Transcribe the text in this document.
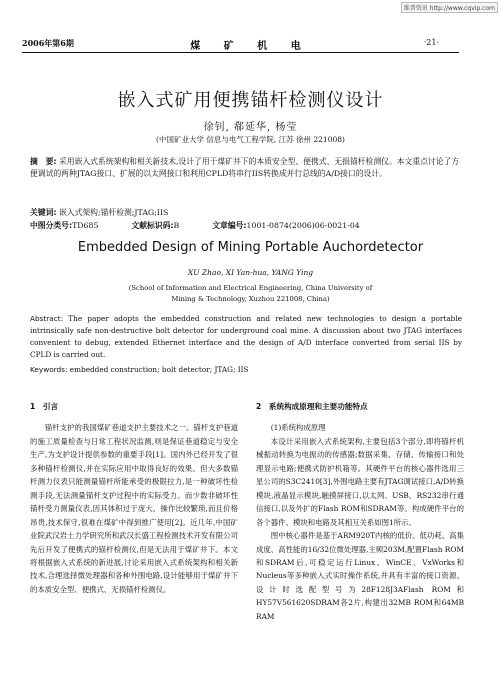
维普资讯 http://www.cqvip.com
2006年第6期	煤 矿 机 电	·21·
嵌入式矿用便携锚杆检测仪设计
徐钊, 郗延华, 杨莹
(中国矿业大学 信息与电气工程学院, 江苏 徐州 221008)
摘　要: 采用嵌入式系统架构和相关新技术,设计了用于煤矿井下的本质安全型、便携式、无损锚杆检测仪。本文重点讨论了方便调试的两种JTAG接口、扩展的以太网接口和利用CPLD将串行IIS转换成并行总线的A/D接口的设计。
关键词: 嵌入式架构;锚杆检测;JTAG;IIS
中图分类号:TD685	文献标识码:B	文章编号:1001-0874(2006)06-0021-04
Embedded Design of Mining Portable Auchordetector
XU Zhao, XI Yan-hua, YANG Ying
(School of Information and Electrical Engineering, China University of
Mining & Technology, Xuzhou 221008, China)
Abstract: The paper adopts the embedded construction and related new technologies to design a portable intrinsically safe non-destructive bolt detector for underground coal mine. A discussion about two JTAG interfaces convenient to debug, extended Ethernet interface and the design of A/D interface converted from serial IIS by CPLD is carried out.
Keywords: embedded construction; bolt detector; JTAG; IIS
1　引言

锚杆支护的我国煤矿巷道支护主要技术之一。锚杆支护巷道的施工质量检查与日常工程状况监测,则是保证巷道稳定与安全生产,为支护设计提供参数的重要手段[1]。国内外已经开发了很多种锚杆检测仪,并在实际应用中取得良好的效果。但大多数锚杆测力仪表只能测量锚杆所能承受的极限拉力,是一种破坏性检测手段,无法测量锚杆支护过程中的实际受力。而少数非破坏性锚杆受力测量仪表,因其体积过于庞大、操作比较繁琐,而且价格昂贵,技术保守,很难在煤矿中得到推广使用[2]。近几年,中国矿业院武汉岩土力学研究所和武汉长盛工程检测技术开发有限公司先后开发了便携式的锚杆检测仪,但是无法用于煤矿井下。本文将根据嵌入式系统的新进展,讨论采用嵌入式系统架构和相关新技术,合理选择微处理器和各种外围电路,设计能够用于煤矿井下的本质安全型、便携式、无损锚杆检测仪。

2　系统构成原理和主要功能特点

(1)系统构成原理

本设计采用嵌入式系统架构,主要包括3个部分,即将锚杆机械振动转换为电振动的传感器;数据采集、存储、传输接口和处理显示电路;便携式防护机箱等。其硬件平台的核心器件选用三星公司的S3C2410[3],外围电路主要有JTAG调试接口,A/D转换模块,液晶显示模块,触摸屏接口,以太网、USB、RS232串行通信接口,以及外扩的Flash ROM和SDRAM等。构成硬件平台的各个器件、模块和电路及其相互关系如图1所示。

图中核心器件是基于ARM920T内核的低价、低功耗、高集成度、高性能的16/32位微处理器,主频203M,配置Flash ROM和SDRAM后,可稳定运行Linux、WinCE、VxWorks和Nucleus等多种嵌入式实时操作系统,并具有丰富的接口资源。设计时选配型号为28F128J3AFlash ROM和HY57V561620SDRAM各2片,构建出32MB ROM和64MB RAM
